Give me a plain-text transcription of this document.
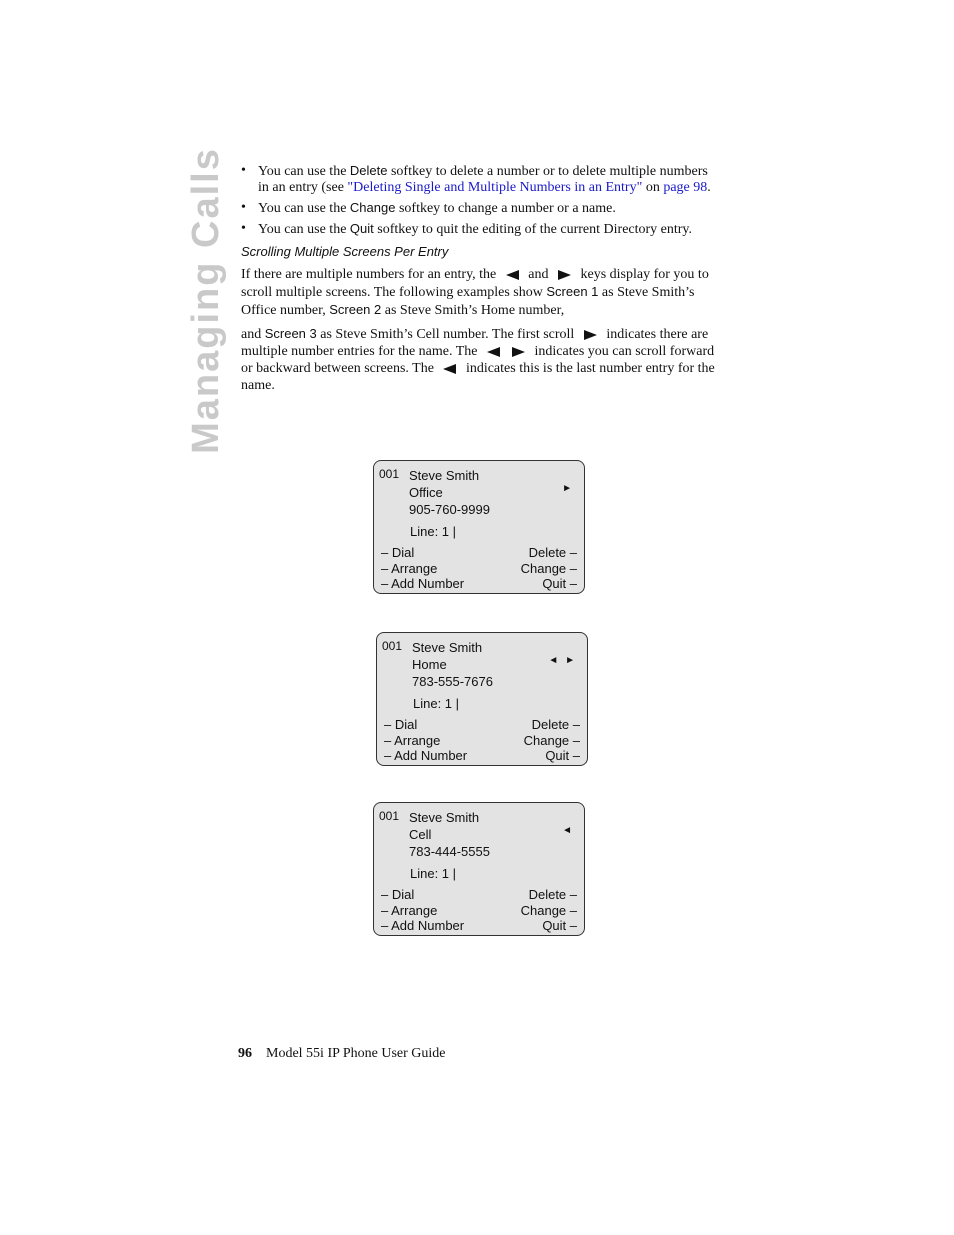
Managing Calls
•	You can use the Delete softkey to delete a number or to delete multiple numbers in an entry (see "Deleting Single and Multiple Numbers in an Entry" on page 98.
• You can use the Change softkey to change a number or a name.
• You can use the Quit softkey to quit the editing of the current Directory entry.
Scrolling Multiple Screens Per Entry

If there are multiple numbers for an entry, the and keys display for you to scroll multiple screens. The following examples show Screen 1 as Steve Smith’s Office number, Screen 2 as Steve Smith’s Home number,
and Screen 3 as Steve Smith’s Cell number. The first scroll indicates there are multiple number entries for the name. The	indicates you can scroll forward or backward between screens. The indicates this is the last number entry for the name.

001 Steve Smith
Office
905-760-9999
Line: 1 |
►
– Dial
– Arrange
– Add Number
Delete –
Change –
Quit –
001 Steve Smith
Home
783-555-7676
Line: 1 |
◄ ►
– Dial
– Arrange
– Add Number
Delete –
Change –
Quit –
001 Steve Smith
Cell
783-444-5555
Line: 1 |
◄
– Dial
– Arrange
– Add Number
Delete –
Change –
Quit –
96 Model 55i IP Phone User Guide
